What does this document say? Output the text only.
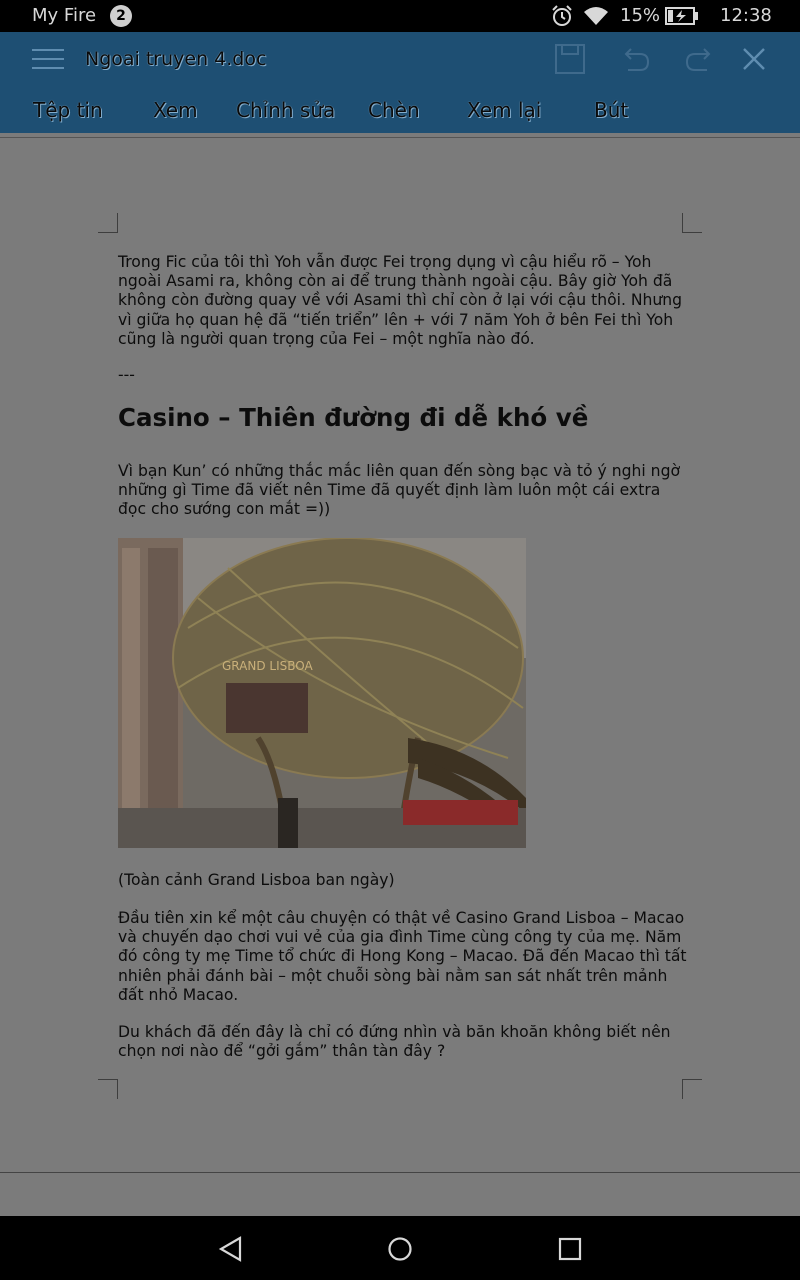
My Fire	2	15%	12:38
Ngoai truyen 4.doc
Tệp tin	Xem Chỉnh sửa Chèn Xem lại	Bút

Trong Fic của tôi thì Yoh vẫn được Fei trọng dụng vì cậu hiểu rõ – Yoh ngoài Asami ra, không còn ai để trung thành ngoài cậu. Bây giờ Yoh đã không còn đường quay về với Asami thì chỉ còn ở lại với cậu thôi. Nhưng vì giữa họ quan hệ đã “tiến triển” lên + với 7 năm Yoh ở bên Fei thì Yoh cũng là người quan trọng của Fei – một nghĩa nào đó.

---
Casino – Thiên đường đi dễ khó về

Vì bạn Kun’ có những thắc mắc liên quan đến sòng bạc và tỏ ý nghi ngờ những gì Time đã viết nên Time đã quyết định làm luôn một cái extra đọc cho sướng con mắt =))

GRAND LISBOA

(Toàn cảnh Grand Lisboa ban ngày)

Đầu tiên xin kể một câu chuyện có thật về Casino Grand Lisboa – Macao và chuyến dạo chơi vui vẻ của gia đình Time cùng công ty của mẹ. Năm đó công ty mẹ Time tổ chức đi Hong Kong – Macao. Đã đến Macao thì tất nhiên phải đánh bài – một chuỗi sòng bài nằm san sát nhất trên mảnh đất nhỏ Macao.

Du khách đã đến đây là chỉ có đứng nhìn và băn khoăn không biết nên chọn nơi nào để “gởi gắm” thân tàn đây ?
